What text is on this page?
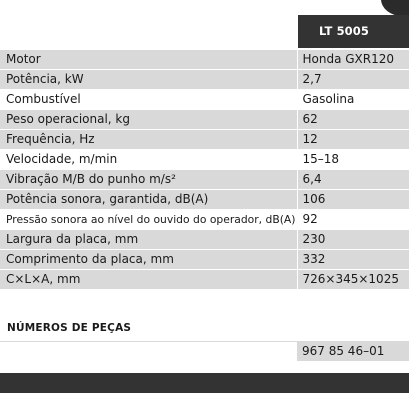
LT 5005
Motor	Honda GXR120
Potência, kW	2,7
Combustível	Gasolina
Peso operacional, kg	62
Frequência, Hz	12
Velocidade, m/min	15–18
Vibração M/B do punho m/s²	6,4
Potência sonora, garantida, dB(A)	106
Pressão sonora ao nível do ouvido do operador, dB(A)	92
Largura da placa, mm	230
Comprimento da placa, mm	332
C×L×A, mm	726×345×1025
NÚMEROS DE PEÇAS
967 85 46–01
